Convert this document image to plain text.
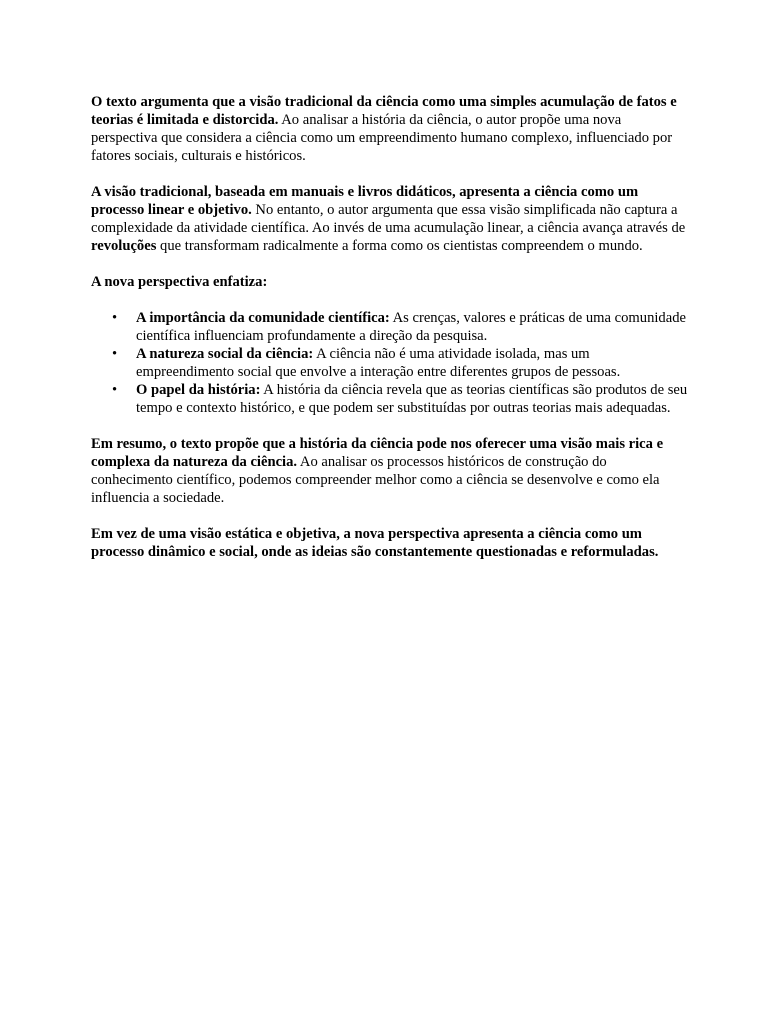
O texto argumenta que a visão tradicional da ciência como uma simples acumulação de fatos e teorias é limitada e distorcida. Ao analisar a história da ciência, o autor propõe uma nova perspectiva que considera a ciência como um empreendimento humano complexo, influenciado por fatores sociais, culturais e históricos.

A visão tradicional, baseada em manuais e livros didáticos, apresenta a ciência como um processo linear e objetivo. No entanto, o autor argumenta que essa visão simplificada não captura a complexidade da atividade científica. Ao invés de uma acumulação linear, a ciência avança através de revoluções que transformam radicalmente a forma como os cientistas compreendem o mundo.

A nova perspectiva enfatiza:

• A importância da comunidade científica: As crenças, valores e práticas de uma comunidade científica influenciam profundamente a direção da pesquisa.
• A natureza social da ciência: A ciência não é uma atividade isolada, mas um empreendimento social que envolve a interação entre diferentes grupos de pessoas.
• O papel da história: A história da ciência revela que as teorias científicas são produtos de seu tempo e contexto histórico, e que podem ser substituídas por outras teorias mais adequadas.

Em resumo, o texto propõe que a história da ciência pode nos oferecer uma visão mais rica e complexa da natureza da ciência. Ao analisar os processos históricos de construção do conhecimento científico, podemos compreender melhor como a ciência se desenvolve e como ela influencia a sociedade.

Em vez de uma visão estática e objetiva, a nova perspectiva apresenta a ciência como um processo dinâmico e social, onde as ideias são constantemente questionadas e reformuladas.
